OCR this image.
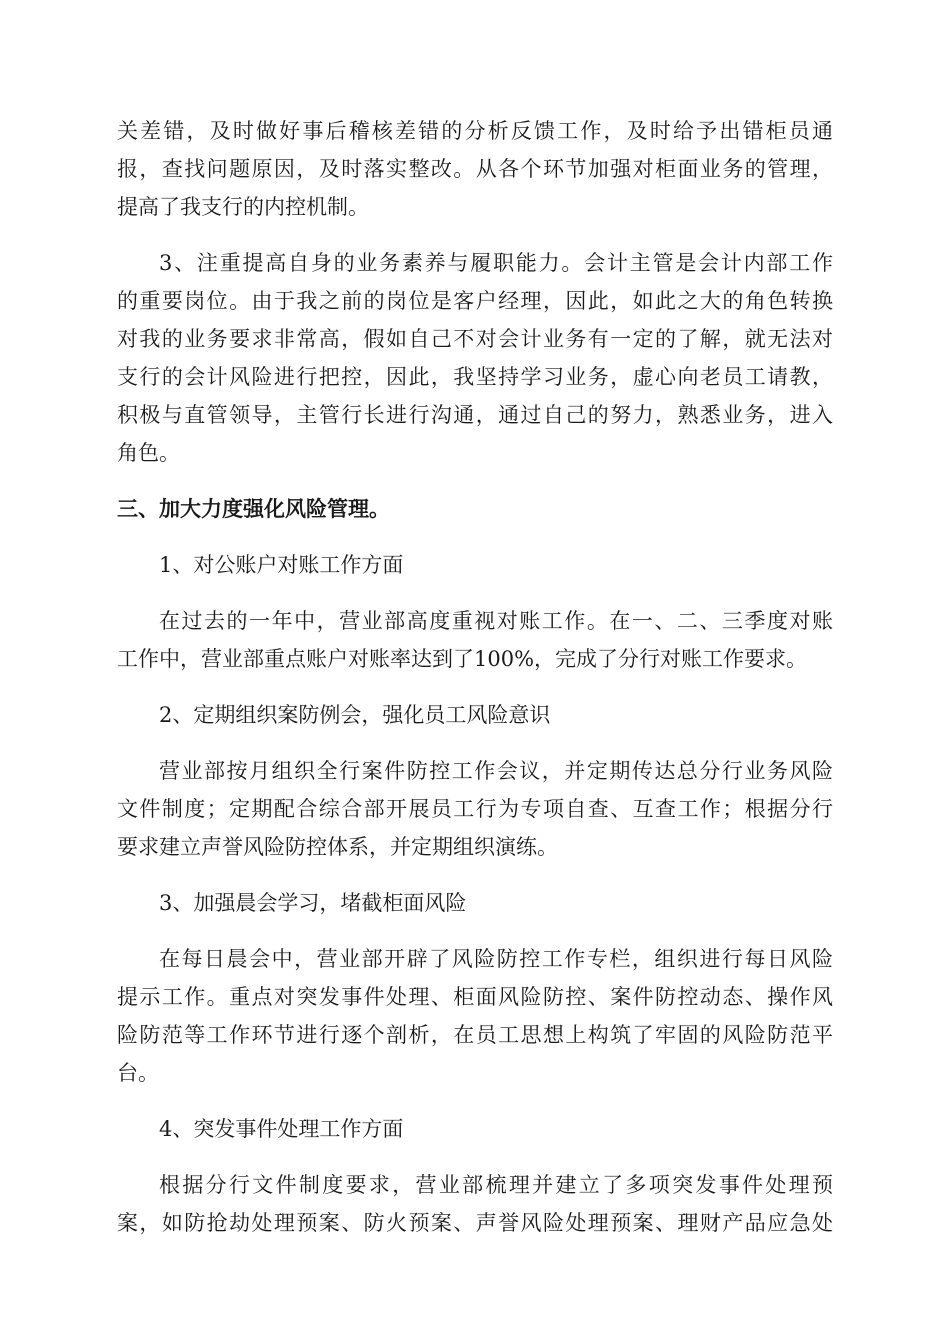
关差错，及时做好事后稽核差错的分析反馈工作，及时给予出错柜员通
报，查找问题原因，及时落实整改。从各个环节加强对柜面业务的管理，
提高了我支行的内控机制。

3、注重提高自身的业务素养与履职能力。会计主管是会计内部工作
的重要岗位。由于我之前的岗位是客户经理，因此，如此之大的角色转换
对我的业务要求非常高，假如自己不对会计业务有一定的了解，就无法对
支行的会计风险进行把控，因此，我坚持学习业务，虚心向老员工请教，
积极与直管领导，主管行长进行沟通，通过自己的努力，熟悉业务，进入
角色。

三、加大力度强化风险管理。

1、对公账户对账工作方面

在过去的一年中，营业部高度重视对账工作。在一、二、三季度对账
工作中，营业部重点账户对账率达到了100%，完成了分行对账工作要求。

2、定期组织案防例会，强化员工风险意识

营业部按月组织全行案件防控工作会议，并定期传达总分行业务风险
文件制度；定期配合综合部开展员工行为专项自查、互查工作；根据分行
要求建立声誉风险防控体系，并定期组织演练。

3、加强晨会学习，堵截柜面风险

在每日晨会中，营业部开辟了风险防控工作专栏，组织进行每日风险
提示工作。重点对突发事件处理、柜面风险防控、案件防控动态、操作风
险防范等工作环节进行逐个剖析，在员工思想上构筑了牢固的风险防范平
台。

4、突发事件处理工作方面

根据分行文件制度要求，营业部梳理并建立了多项突发事件处理预
案，如防抢劫处理预案、防火预案、声誉风险处理预案、理财产品应急处
